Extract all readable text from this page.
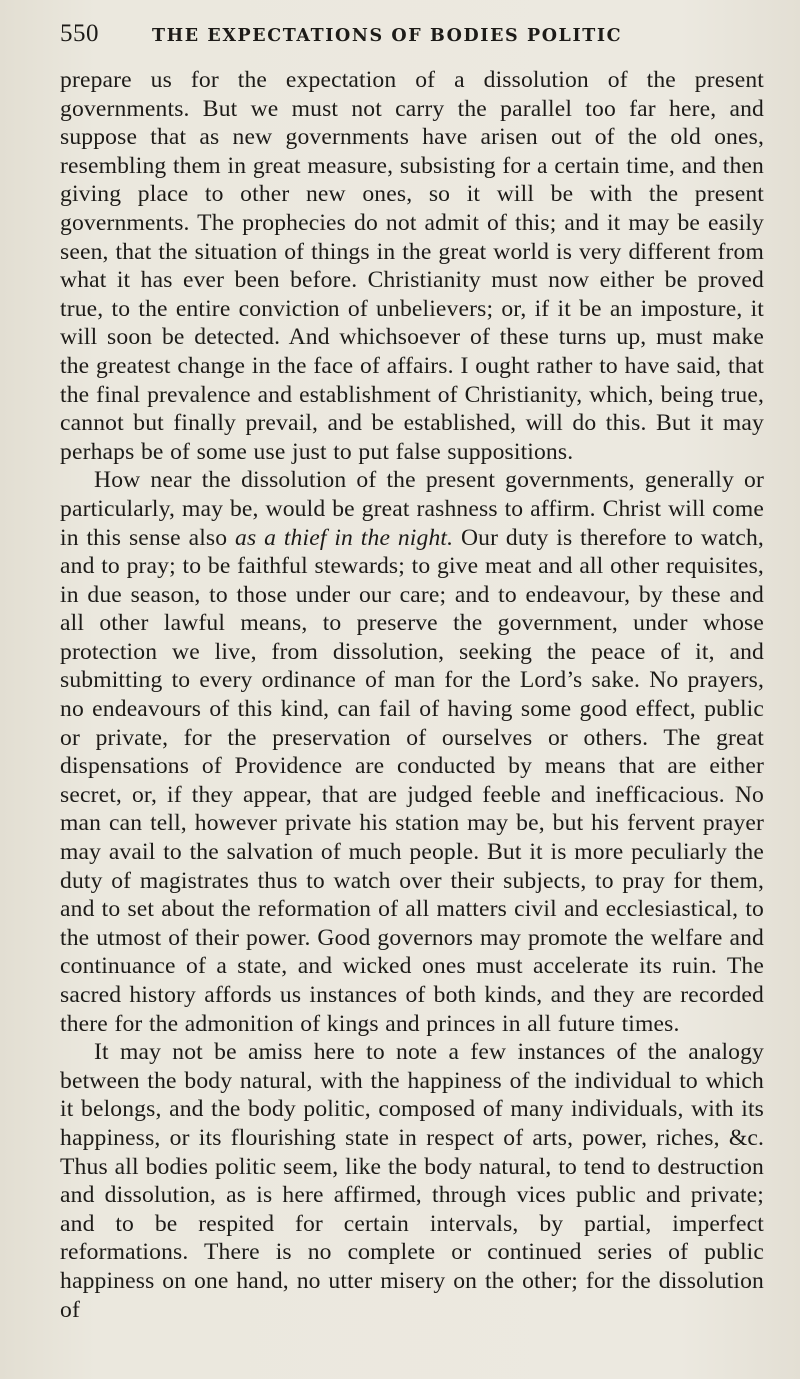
550	THE EXPECTATIONS OF BODIES POLITIC

prepare us for the expectation of a dissolution of the present governments. But we must not carry the parallel too far here, and suppose that as new governments have arisen out of the old ones, resembling them in great measure, subsisting for a certain time, and then giving place to other new ones, so it will be with the present governments. The prophecies do not admit of this; and it may be easily seen, that the situation of things in the great world is very different from what it has ever been before. Christianity must now either be proved true, to the entire conviction of unbelievers; or, if it be an imposture, it will soon be detected. And whichsoever of these turns up, must make the greatest change in the face of affairs. I ought rather to have said, that the final prevalence and establishment of Christianity, which, being true, cannot but finally prevail, and be established, will do this. But it may perhaps be of some use just to put false suppositions.

How near the dissolution of the present governments, generally or particularly, may be, would be great rashness to affirm. Christ will come in this sense also as a thief in the night. Our duty is therefore to watch, and to pray; to be faithful stewards; to give meat and all other requisites, in due season, to those under our care; and to endeavour, by these and all other lawful means, to preserve the government, under whose protection we live, from dissolution, seeking the peace of it, and submitting to every ordinance of man for the Lord’s sake. No prayers, no endeavours of this kind, can fail of having some good effect, public or private, for the preservation of ourselves or others. The great dispensations of Providence are conducted by means that are either secret, or, if they appear, that are judged feeble and inefficacious. No man can tell, however private his station may be, but his fervent prayer may avail to the salvation of much people. But it is more peculiarly the duty of magistrates thus to watch over their subjects, to pray for them, and to set about the reformation of all matters civil and ecclesiastical, to the utmost of their power. Good governors may promote the welfare and continuance of a state, and wicked ones must accelerate its ruin. The sacred history affords us instances of both kinds, and they are recorded there for the admonition of kings and princes in all future times.

It may not be amiss here to note a few instances of the analogy between the body natural, with the happiness of the individual to which it belongs, and the body politic, composed of many individuals, with its happiness, or its flourishing state in respect of arts, power, riches, &c. Thus all bodies politic seem, like the body natural, to tend to destruction and dissolution, as is here affirmed, through vices public and private; and to be respited for certain intervals, by partial, imperfect reformations. There is no complete or continued series of public happiness on one hand, no utter misery on the other; for the dissolution of
